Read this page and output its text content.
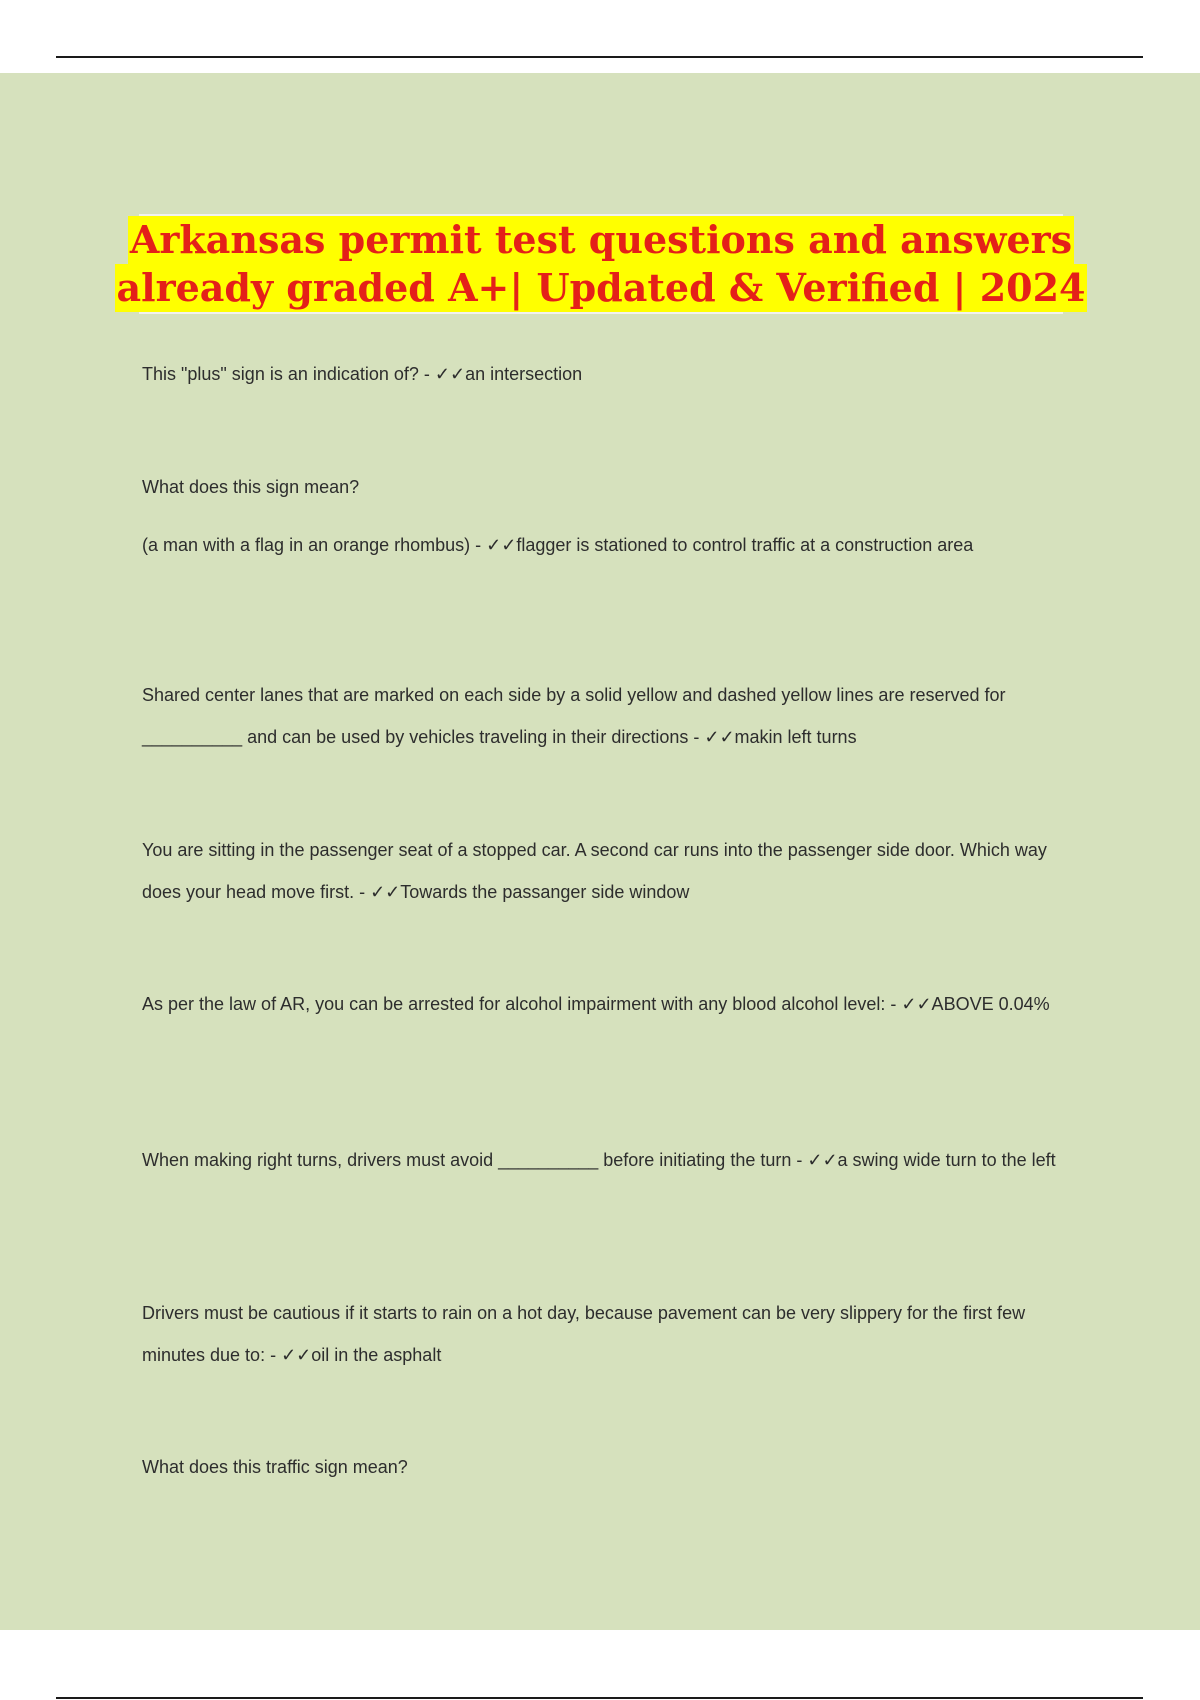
Arkansas permit test questions and answers
already graded A+| Updated & Verified | 2024

This "plus" sign is an indication of? - ✓✓an intersection

What does this sign mean?

(a man with a flag in an orange rhombus) - ✓✓flagger is stationed to control traffic at a construction area

Shared center lanes that are marked on each side by a solid yellow and dashed yellow lines are reserved for __________ and can be used by vehicles traveling in their directions - ✓✓makin left turns

You are sitting in the passenger seat of a stopped car. A second car runs into the passenger side door. Which way does your head move first. - ✓✓Towards the passanger side window

As per the law of AR, you can be arrested for alcohol impairment with any blood alcohol level: - ✓✓ABOVE 0.04%

When making right turns, drivers must avoid __________ before initiating the turn - ✓✓a swing wide turn to the left

Drivers must be cautious if it starts to rain on a hot day, because pavement can be very slippery for the first few minutes due to: - ✓✓oil in the asphalt

What does this traffic sign mean?
